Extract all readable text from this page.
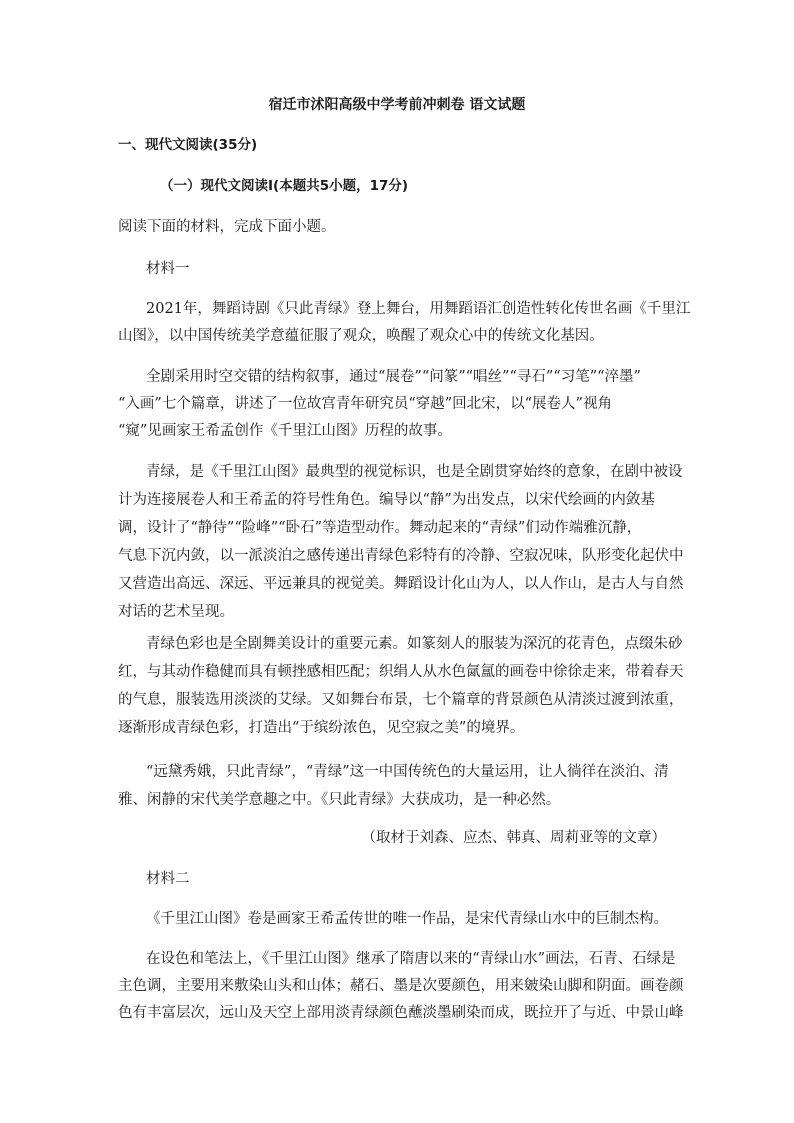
宿迁市沭阳高级中学考前冲刺卷 语文试题
一、现代文阅读(35分)
（一）现代文阅读Ⅰ(本题共5小题，17分)
阅读下面的材料，完成下面小题。
材料一
2021年，舞蹈诗剧《只此青绿》登上舞台，用舞蹈语汇创造性转化传世名画《千里江
山图》，以中国传统美学意蕴征服了观众，唤醒了观众心中的传统文化基因。
全剧采用时空交错的结构叙事，通过“展卷”“问篆”“唱丝”“寻石”“习笔”“淬墨”
“入画”七个篇章，讲述了一位故宫青年研究员“穿越”回北宋，以“展卷人”视角
“窥”见画家王希孟创作《千里江山图》历程的故事。
青绿，是《千里江山图》最典型的视觉标识，也是全剧贯穿始终的意象，在剧中被设
计为连接展卷人和王希孟的符号性角色。编导以“静”为出发点，以宋代绘画的内敛基
调，设计了“静待”“险峰”“卧石”等造型动作。舞动起来的“青绿”们动作端雅沉静，
气息下沉内敛，以一派淡泊之感传递出青绿色彩特有的冷静、空寂况味，队形变化起伏中
又营造出高远、深远、平远兼具的视觉美。舞蹈设计化山为人，以人作山，是古人与自然
对话的艺术呈现。
青绿色彩也是全剧舞美设计的重要元素。如篆刻人的服装为深沉的花青色，点缀朱砂
红，与其动作稳健而具有顿挫感相匹配；织绢人从水色氤氲的画卷中徐徐走来，带着春天
的气息，服装选用淡淡的艾绿。又如舞台布景，七个篇章的背景颜色从清淡过渡到浓重，
逐渐形成青绿色彩，打造出“于缤纷浓色，见空寂之美”的境界。
“远黛秀娥，只此青绿”，“青绿”这一中国传统色的大量运用，让人徜徉在淡泊、清
雅、闲静的宋代美学意趣之中。《只此青绿》大获成功，是一种必然。
（取材于刘森、应杰、韩真、周莉亚等的文章）
材料二
《千里江山图》卷是画家王希孟传世的唯一作品，是宋代青绿山水中的巨制杰构。
在设色和笔法上，《千里江山图》继承了隋唐以来的“青绿山水”画法，石青、石绿是
主色调，主要用来敷染山头和山体；赭石、墨是次要颜色，用来皴染山脚和阴面。画卷颜
色有丰富层次，远山及天空上部用淡青绿颜色蘸淡墨刷染而成，既拉开了与近、中景山峰
